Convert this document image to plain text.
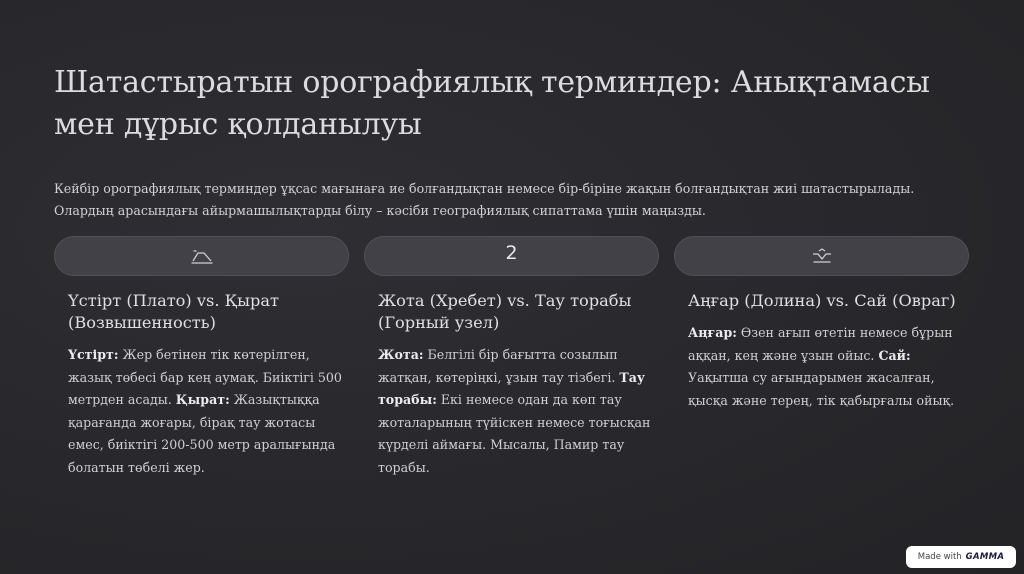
Шатастыратын орографиялық терминдер: Анықтамасы мен дұрыс қолданылуы

Кейбір орографиялық терминдер ұқсас мағынаға ие болғандықтан немесе бір-біріне жақын болғандықтан жиі шатастырылады. Олардың арасындағы айырмашылықтарды білу – кәсіби географиялық сипаттама үшін маңызды.

2
Үстірт (Плато) vs. Қырат (Возвышенность)

Үстірт: Жер бетінен тік көтерілген, жазық төбесі бар кең аумақ. Биіктігі 500 метрден асады. Қырат: Жазықтыққа қарағанда жоғары, бірақ тау жотасы емес, биіктігі 200-500 метр аралығында болатын төбелі жер.

Жота (Хребет) vs. Тау торабы (Горный узел)

Жота: Белгілі бір бағытта созылып жатқан, көтеріңкі, ұзын тау тізбегі. Тау торабы: Екі немесе одан да көп тау жоталарының түйіскен немесе тоғысқан күрделі аймағы. Мысалы, Памир тау торабы.

Аңғар (Долина) vs. Сай (Овраг)

Аңғар: Өзен ағып өтетін немесе бұрын аққан, кең және ұзын ойыс. Сай: Уақытша су ағындарымен жасалған, қысқа және терең, тік қабырғалы ойық.

Made with GAMMA
